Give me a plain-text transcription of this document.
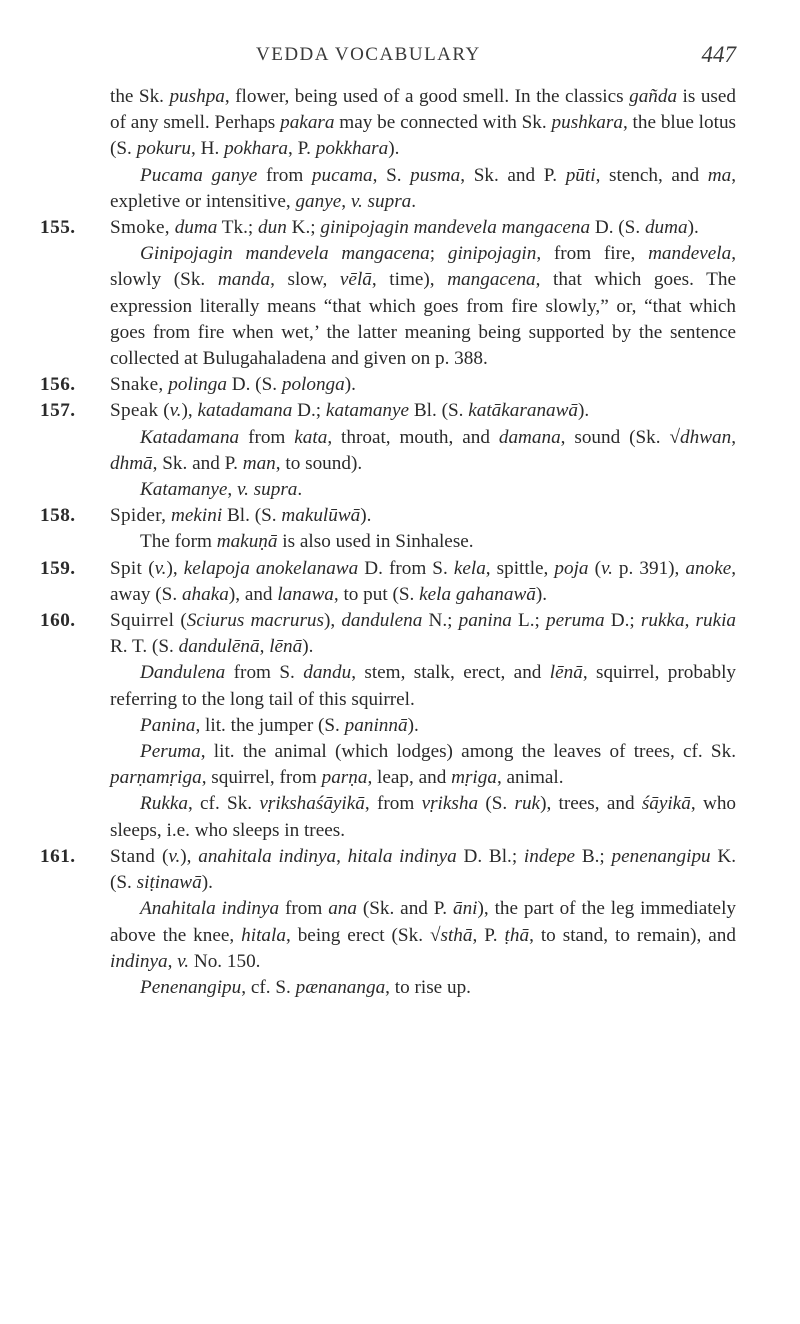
VEDDA VOCABULARY	447

the Sk. pushpa, flower, being used of a good smell. In the classics gañda is used of any smell. Perhaps pakara may be connected with Sk. pushkara, the blue lotus (S. pokuru, H. pokhara, P. pokkhara).

Pucama ganye from pucama, S. pusma, Sk. and P. pūti, stench, and ma, expletive or intensitive, ganye, v. supra.

155. Smoke, duma Tk.; dun K.; ginipojagin mandevela mangacena D. (S. duma).

Ginipojagin mandevela mangacena; ginipojagin, from fire, mandevela, slowly (Sk. manda, slow, vēlā, time), mangacena, that which goes. The expression literally means “that which goes from fire slowly,” or, “that which goes from fire when wet,’ the latter meaning being supported by the sentence collected at Bulugahaladena and given on p. 388.

156. Snake, polinga D. (S. polonga).

157. Speak (v.), katadamana D.; katamanye Bl. (S. katākaranawā).

Katadamana from kata, throat, mouth, and damana, sound (Sk. √dhwan, dhmā, Sk. and P. man, to sound).

Katamanye, v. supra.

158. Spider, mekini Bl. (S. makulūwā).

The form makuṇā is also used in Sinhalese.

159. Spit (v.), kelapoja anokelanawa D. from S. kela, spittle, poja (v. p. 391), anoke, away (S. ahaka), and lanawa, to put (S. kela gahanawā).

160. Squirrel (Sciurus macrurus), dandulena N.; panina L.; peruma D.; rukka, rukia R. T. (S. dandulēnā, lēnā).

Dandulena from S. dandu, stem, stalk, erect, and lēnā, squirrel, probably referring to the long tail of this squirrel.

Panina, lit. the jumper (S. paninnā).

Peruma, lit. the animal (which lodges) among the leaves of trees, cf. Sk. parṇamṛiga, squirrel, from parṇa, leap, and mṛiga, animal.

Rukka, cf. Sk. vṛikshaśāyikā, from vṛiksha (S. ruk), trees, and śāyikā, who sleeps, i.e. who sleeps in trees.

161. Stand (v.), anahitala indinya, hitala indinya D. Bl.; indepe B.; penenangipu K. (S. siṭinawā).

Anahitala indinya from ana (Sk. and P. āni), the part of the leg immediately above the knee, hitala, being erect (Sk. √sthā, P. ṭhā, to stand, to remain), and indinya, v. No. 150.

Penenangipu, cf. S. pænananga, to rise up.
